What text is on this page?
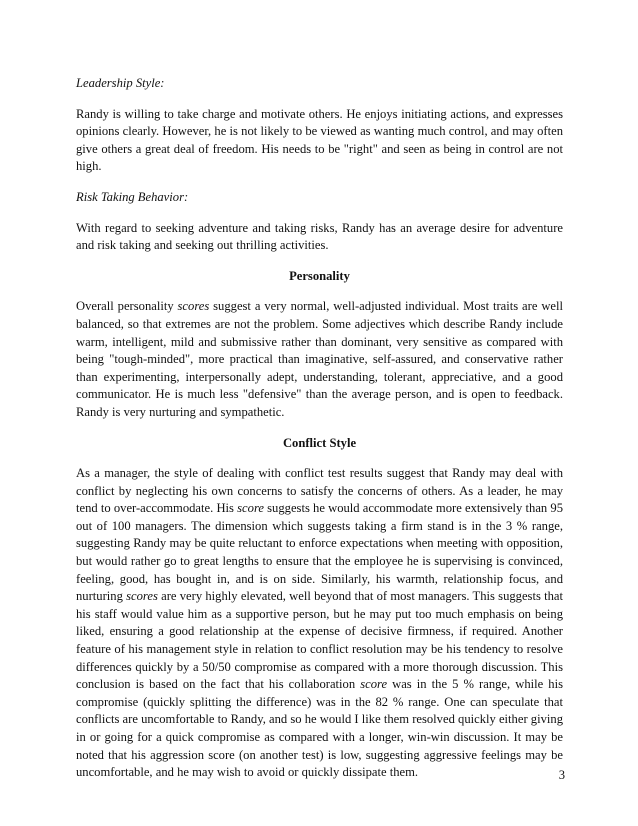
Leadership Style:

Randy is willing to take charge and motivate others. He enjoys initiating actions, and expresses opinions clearly. However, he is not likely to be viewed as wanting much control, and may often give others a great deal of freedom. His needs to be "right" and seen as being in control are not high.

Risk Taking Behavior:

With regard to seeking adventure and taking risks, Randy has an average desire for adventure and risk taking and seeking out thrilling activities.

Personality

Overall personality scores suggest a very normal, well-adjusted individual. Most traits are well balanced, so that extremes are not the problem. Some adjectives which describe Randy include warm, intelligent, mild and submissive rather than dominant, very sensitive as compared with being "tough-minded", more practical than imaginative, self-assured, and conservative rather than experimenting, interpersonally adept, understanding, tolerant, appreciative, and a good communicator. He is much less "defensive" than the average person, and is open to feedback. Randy is very nurturing and sympathetic.

Conflict Style

As a manager, the style of dealing with conflict test results suggest that Randy may deal with conflict by neglecting his own concerns to satisfy the concerns of others. As a leader, he may tend to over-accommodate. His score suggests he would accommodate more extensively than 95 out of 100 managers. The dimension which suggests taking a firm stand is in the 3 % range, suggesting Randy may be quite reluctant to enforce expectations when meeting with opposition, but would rather go to great lengths to ensure that the employee he is supervising is convinced, feeling, good, has bought in, and is on side. Similarly, his warmth, relationship focus, and nurturing scores are very highly elevated, well beyond that of most managers. This suggests that his staff would value him as a supportive person, but he may put too much emphasis on being liked, ensuring a good relationship at the expense of decisive firmness, if required. Another feature of his management style in relation to conflict resolution may be his tendency to resolve differences quickly by a 50/50 compromise as compared with a more thorough discussion. This conclusion is based on the fact that his collaboration score was in the 5 % range, while his compromise (quickly splitting the difference) was in the 82 % range. One can speculate that conflicts are uncomfortable to Randy, and so he would I like them resolved quickly either giving in or going for a quick compromise as compared with a longer, win-win discussion. It may be noted that his aggression score (on another test) is low, suggesting aggressive feelings may be uncomfortable, and he may wish to avoid or quickly dissipate them.	3
